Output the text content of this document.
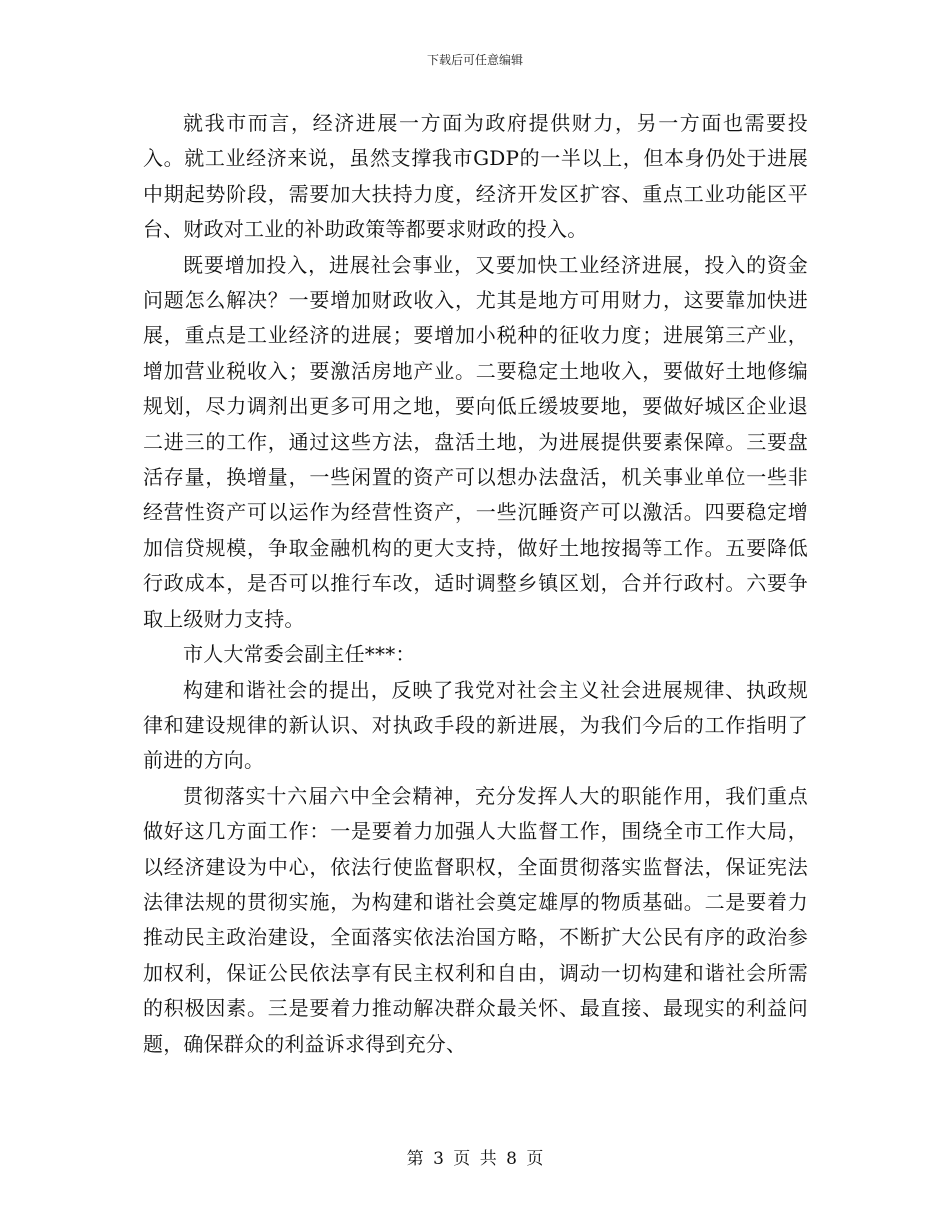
下载后可任意编辑

就我市而言，经济进展一方面为政府提供财力，另一方面也需要投入。就工业经济来说，虽然支撑我市GDP的一半以上，但本身仍处于进展中期起势阶段，需要加大扶持力度，经济开发区扩容、重点工业功能区平台、财政对工业的补助政策等都要求财政的投入。

既要增加投入，进展社会事业，又要加快工业经济进展，投入的资金问题怎么解决？一要增加财政收入，尤其是地方可用财力，这要靠加快进展，重点是工业经济的进展；要增加小税种的征收力度；进展第三产业，增加营业税收入；要激活房地产业。二要稳定土地收入，要做好土地修编规划，尽力调剂出更多可用之地，要向低丘缓坡要地，要做好城区企业退二进三的工作，通过这些方法，盘活土地，为进展提供要素保障。三要盘活存量，换增量，一些闲置的资产可以想办法盘活，机关事业单位一些非经营性资产可以运作为经营性资产，一些沉睡资产可以激活。四要稳定增加信贷规模，争取金融机构的更大支持，做好土地按揭等工作。五要降低行政成本，是否可以推行车改，适时调整乡镇区划，合并行政村。六要争取上级财力支持。

市人大常委会副主任***：

构建和谐社会的提出，反映了我党对社会主义社会进展规律、执政规律和建设规律的新认识、对执政手段的新进展，为我们今后的工作指明了前进的方向。

贯彻落实十六届六中全会精神，充分发挥人大的职能作用，我们重点做好这几方面工作：一是要着力加强人大监督工作，围绕全市工作大局，以经济建设为中心，依法行使监督职权，全面贯彻落实监督法，保证宪法法律法规的贯彻实施，为构建和谐社会奠定雄厚的物质基础。二是要着力推动民主政治建设，全面落实依法治国方略，不断扩大公民有序的政治参加权利，保证公民依法享有民主权利和自由，调动一切构建和谐社会所需的积极因素。三是要着力推动解决群众最关怀、最直接、最现实的利益问题，确保群众的利益诉求得到充分、

第 3 页 共 8 页
